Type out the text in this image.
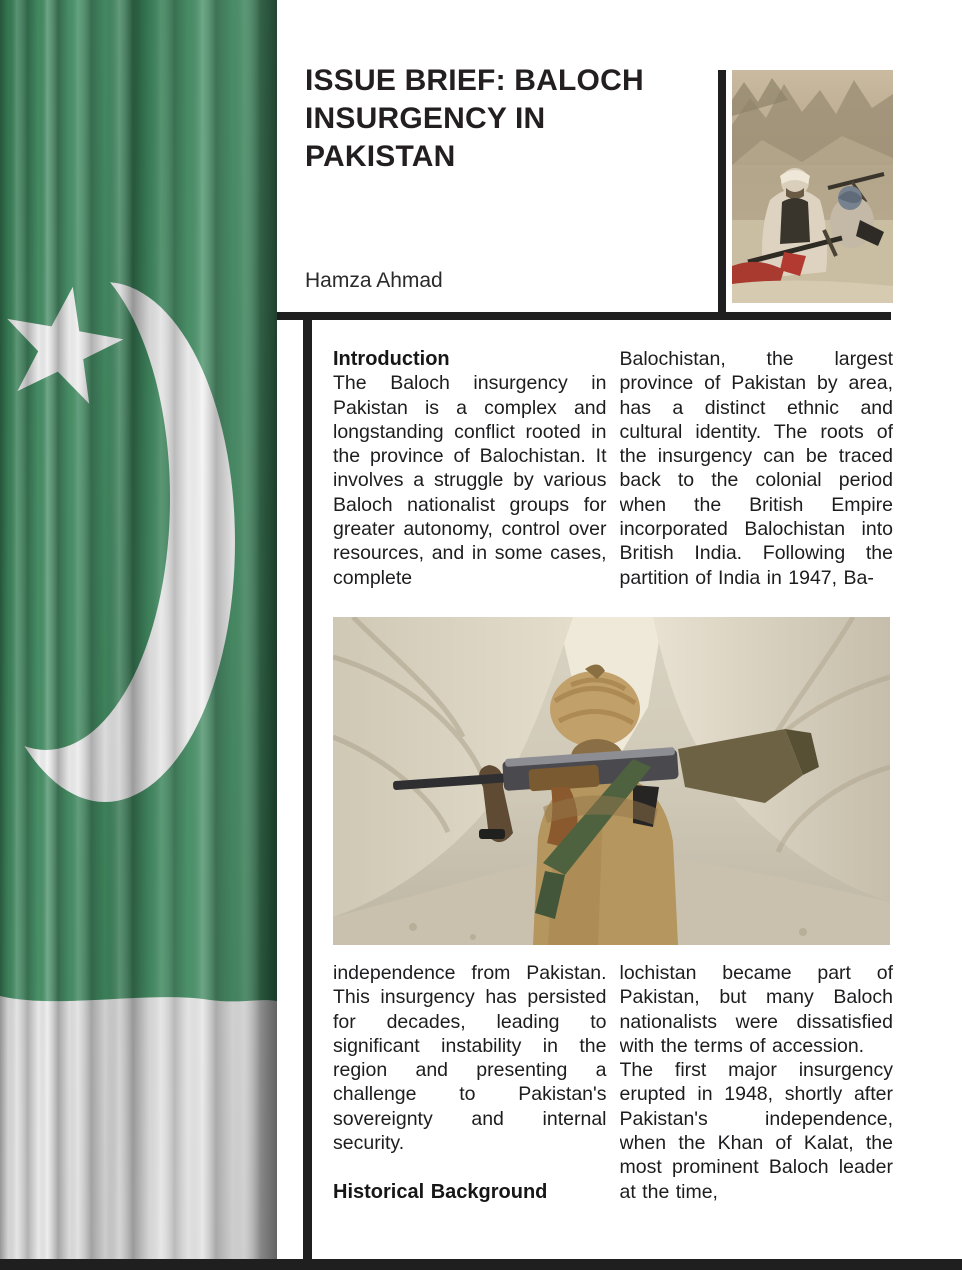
ISSUE BRIEF: BALOCH INSURGENCY IN PAKISTAN
Hamza Ahmad

Introduction

The Baloch insurgency in Pakistan is a complex and longstanding conflict rooted in the province of Balochistan. It involves a struggle by various Baloch nationalist groups for greater autonomy, control over resources, and in some cases, complete

Balochistan, the largest province of Pakistan by area, has a distinct ethnic and cultural identity. The roots of the insurgency can be traced back to the colonial period when the British Empire incorporated Balochistan into British India. Following the partition of India in 1947, Ba-

independence from Pakistan. This insurgency has persisted for decades, leading to significant instability in the region and presenting a challenge to Pakistan's sovereignty and internal security.

Historical Background

lochistan became part of Pakistan, but many Baloch nationalists were dissatisfied with the terms of accession.

The first major insurgency erupted in 1948, shortly after Pakistan's independence, when the Khan of Kalat, the most prominent Baloch leader at the time,
